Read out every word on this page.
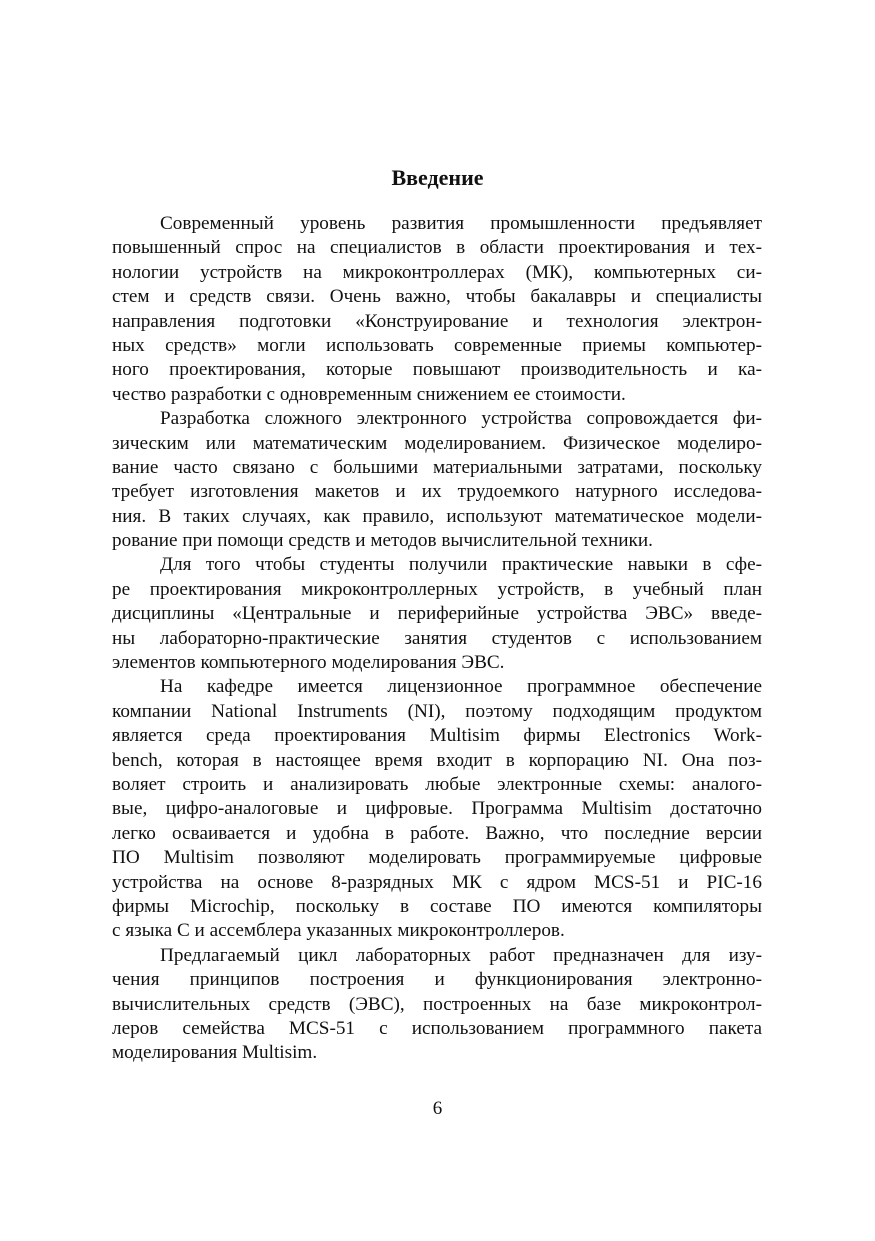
Введение
Современный уровень развития промышленности предъявляет
повышенный спрос на специалистов в области проектирования и тех-
нологии устройств на микроконтроллерах (МК), компьютерных си-
стем и средств связи. Очень важно, чтобы бакалавры и специалисты
направления подготовки «Конструирование и технология электрон-
ных средств» могли использовать современные приемы компьютер-
ного проектирования, которые повышают производительность и ка-
чество разработки с одновременным снижением ее стоимости.
Разработка сложного электронного устройства сопровождается фи-
зическим или математическим моделированием. Физическое моделиро-
вание часто связано с большими материальными затратами, поскольку
требует изготовления макетов и их трудоемкого натурного исследова-
ния. В таких случаях, как правило, используют математическое модели-
рование при помощи средств и методов вычислительной техники.
Для того чтобы студенты получили практические навыки в сфе-
ре проектирования микроконтроллерных устройств, в учебный план
дисциплины «Центральные и периферийные устройства ЭВС» введе-
ны лабораторно-практические занятия студентов с использованием
элементов компьютерного моделирования ЭВС.
На кафедре имеется лицензионное программное обеспечение
компании National Instruments (NI), поэтому подходящим продуктом
является среда проектирования Multisim фирмы Electronics Work-
bench, которая в настоящее время входит в корпорацию NI. Она поз-
воляет строить и анализировать любые электронные схемы: аналого-
вые, цифро-аналоговые и цифровые. Программа Multisim достаточно
легко осваивается и удобна в работе. Важно, что последние версии
ПО Multisim позволяют моделировать программируемые цифровые
устройства на основе 8-разрядных МК с ядром MCS-51 и PIC-16
фирмы Microchip, поскольку в составе ПО имеются компиляторы
с языка С и ассемблера указанных микроконтроллеров.
Предлагаемый цикл лабораторных работ предназначен для изу-
чения принципов построения и функционирования электронно-
вычислительных средств (ЭВС), построенных на базе микроконтрол-
леров семейства MCS-51 с использованием программного пакета
моделирования Multisim.
6
